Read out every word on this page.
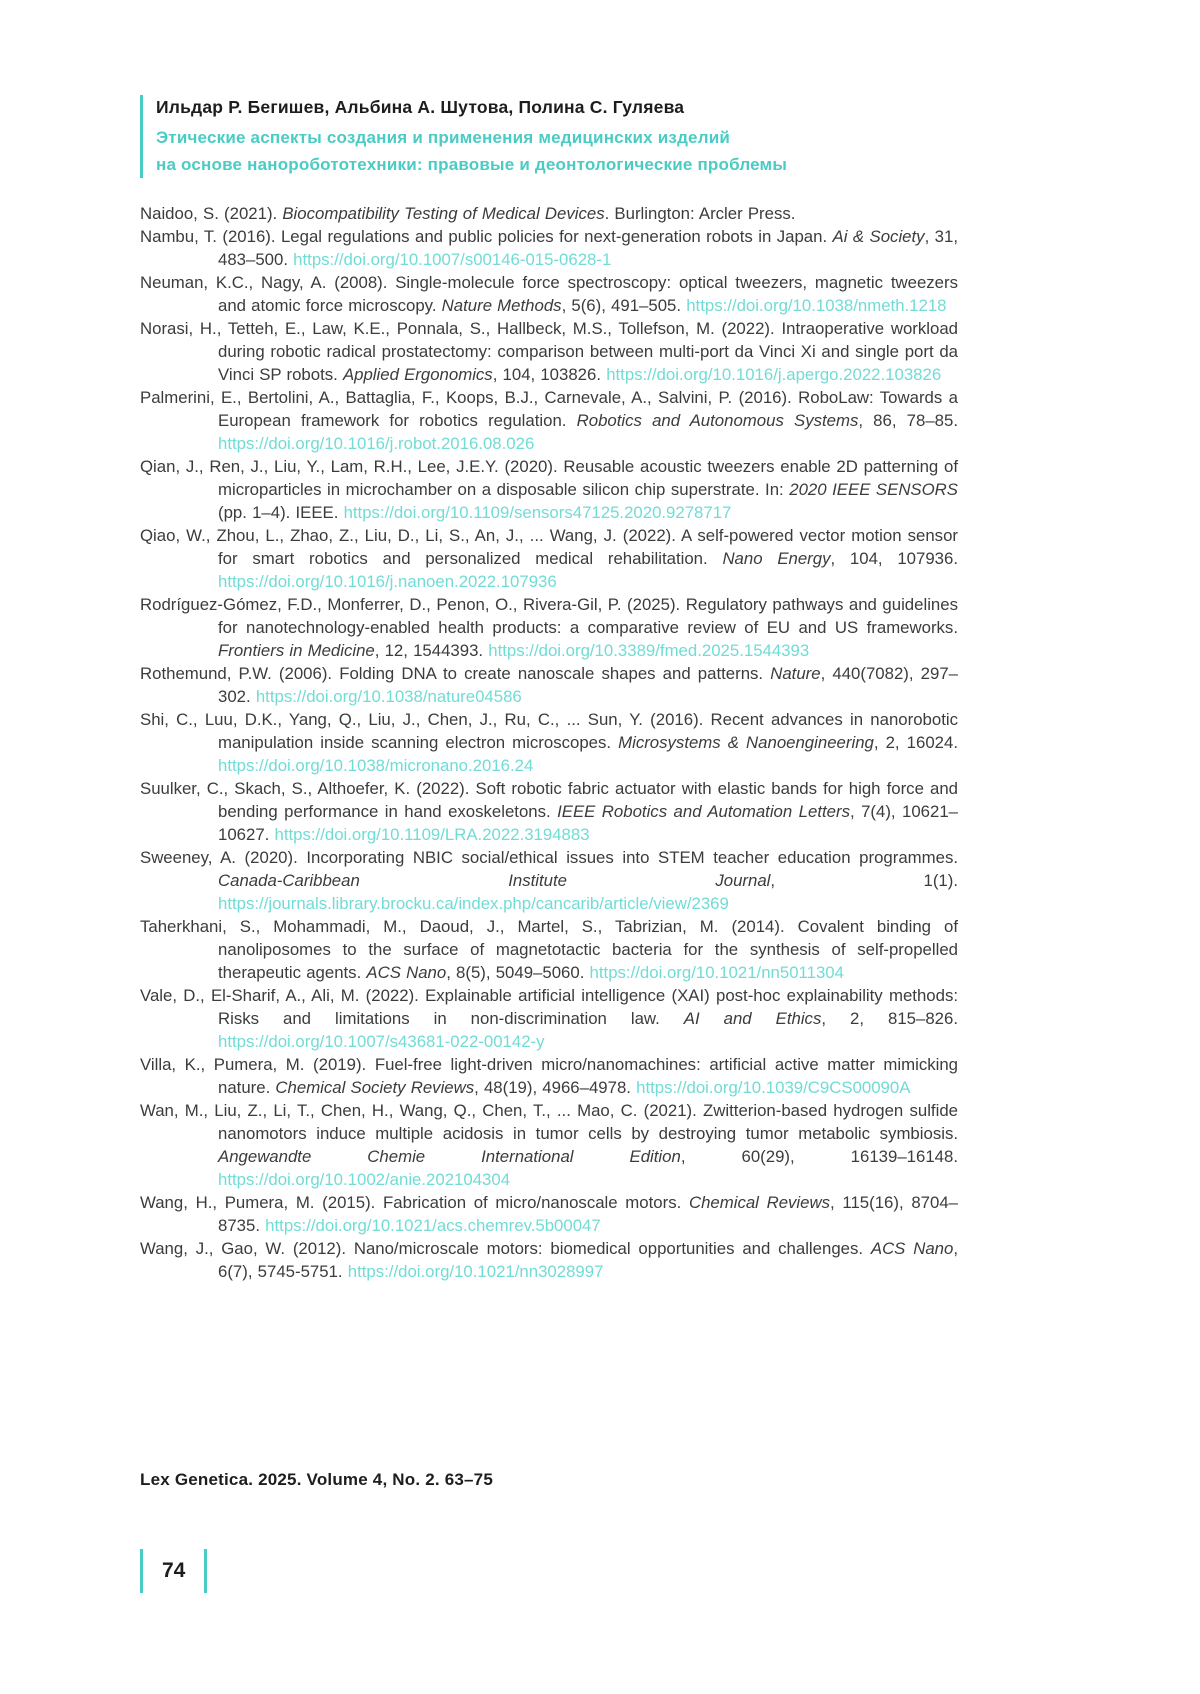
Ильдар Р. Бегишев, Альбина А. Шутова, Полина С. Гуляева

Этические аспекты создания и применения медицинских изделий

на основе наноробототехники: правовые и деонтологические проблемы

Naidoo, S. (2021). Biocompatibility Testing of Medical Devices. Burlington: Arcler Press.

Nambu, T. (2016). Legal regulations and public policies for next-generation robots in Japan. Ai & Society, 31, 483–500. https://doi.org/10.1007/s00146-015-0628-1

Neuman, K.C., Nagy, A. (2008). Single-molecule force spectroscopy: optical tweezers, magnetic tweezers and atomic force microscopy. Nature Methods, 5(6), 491–505. https://doi.org/10.1038/nmeth.1218

Norasi, H., Tetteh, E., Law, K.E., Ponnala, S., Hallbeck, M.S., Tollefson, M. (2022). Intraoperative workload during robotic radical prostatectomy: comparison between multi-port da Vinci Xi and single port da Vinci SP robots. Applied Ergonomics, 104, 103826. https://doi.org/10.1016/j.apergo.2022.103826

Palmerini, E., Bertolini, A., Battaglia, F., Koops, B.J., Carnevale, A., Salvini, P. (2016). RoboLaw: Towards a European framework for robotics regulation. Robotics and Autonomous Systems, 86, 78–85. https://doi.org/10.1016/j.robot.2016.08.026

Qian, J., Ren, J., Liu, Y., Lam, R.H., Lee, J.E.Y. (2020). Reusable acoustic tweezers enable 2D patterning of microparticles in microchamber on a disposable silicon chip superstrate. In: 2020 IEEE SENSORS (pp. 1–4). IEEE. https://doi.org/10.1109/sensors47125.2020.9278717

Qiao, W., Zhou, L., Zhao, Z., Liu, D., Li, S., An, J., ... Wang, J. (2022). A self-powered vector motion sensor for smart robotics and personalized medical rehabilitation. Nano Energy, 104, 107936. https://doi.org/10.1016/j.nanoen.2022.107936

Rodríguez-Gómez, F.D., Monferrer, D., Penon, O., Rivera-Gil, P. (2025). Regulatory pathways and guidelines for nanotechnology-enabled health products: a comparative review of EU and US frameworks. Frontiers in Medicine, 12, 1544393. https://doi.org/10.3389/fmed.2025.1544393

Rothemund, P.W. (2006). Folding DNA to create nanoscale shapes and patterns. Nature, 440(7082), 297–302. https://doi.org/10.1038/nature04586

Shi, C., Luu, D.K., Yang, Q., Liu, J., Chen, J., Ru, C., ... Sun, Y. (2016). Recent advances in nanorobotic manipulation inside scanning electron microscopes. Microsystems & Nanoengineering, 2, 16024. https://doi.org/10.1038/micronano.2016.24

Suulker, C., Skach, S., Althoefer, K. (2022). Soft robotic fabric actuator with elastic bands for high force and bending performance in hand exoskeletons. IEEE Robotics and Automation Letters, 7(4), 10621–10627. https://doi.org/10.1109/LRA.2022.3194883

Sweeney, A. (2020). Incorporating NBIC social/ethical issues into STEM teacher education programmes. Canada-Caribbean Institute Journal, 1(1). https://journals.library.brocku.ca/index.php/cancarib/article/view/2369

Taherkhani, S., Mohammadi, M., Daoud, J., Martel, S., Tabrizian, M. (2014). Covalent binding of nanoliposomes to the surface of magnetotactic bacteria for the synthesis of self-propelled therapeutic agents. ACS Nano, 8(5), 5049–5060. https://doi.org/10.1021/nn5011304

Vale, D., El-Sharif, A., Ali, M. (2022). Explainable artificial intelligence (XAI) post-hoc explainability methods: Risks and limitations in non-discrimination law. AI and Ethics, 2, 815–826. https://doi.org/10.1007/s43681-022-00142-y

Villa, K., Pumera, M. (2019). Fuel-free light-driven micro/nanomachines: artificial active matter mimicking nature. Chemical Society Reviews, 48(19), 4966–4978. https://doi.org/10.1039/C9CS00090A

Wan, M., Liu, Z., Li, T., Chen, H., Wang, Q., Chen, T., ... Mao, C. (2021). Zwitterion-based hydrogen sulfide nanomotors induce multiple acidosis in tumor cells by destroying tumor metabolic symbiosis. Angewandte Chemie International Edition, 60(29), 16139–16148. https://doi.org/10.1002/anie.202104304

Wang, H., Pumera, M. (2015). Fabrication of micro/nanoscale motors. Chemical Reviews, 115(16), 8704–8735. https://doi.org/10.1021/acs.chemrev.5b00047

Wang, J., Gao, W. (2012). Nano/microscale motors: biomedical opportunities and challenges. ACS Nano, 6(7), 5745-5751. https://doi.org/10.1021/nn3028997

Lex Genetica. 2025. Volume 4, No. 2. 63–75
74
